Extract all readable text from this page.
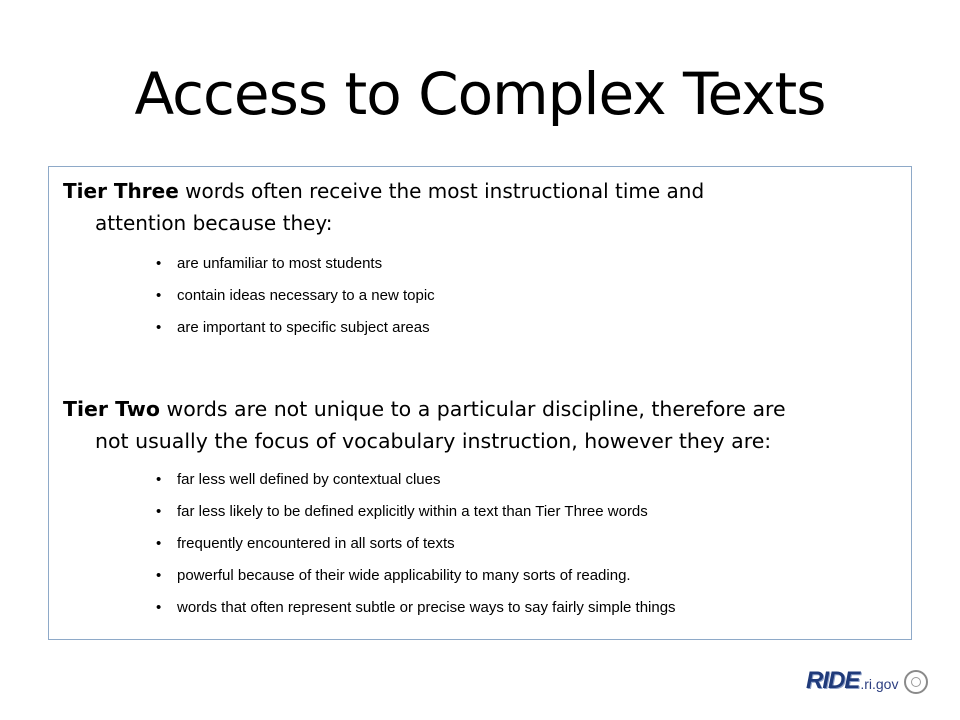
Access to Complex Texts
Tier Three words often receive the most instructional time and
attention because they:
• are unfamiliar to most students
• contain ideas necessary to a new topic
• are important to specific subject areas
Tier Two words are not unique to a particular discipline, therefore are
not usually the focus of vocabulary instruction, however they are:
• far less well defined by contextual clues
• far less likely to be defined explicitly within a text than Tier Three words
• frequently encountered in all sorts of texts
• powerful because of their wide applicability to many sorts of reading.
• words that often represent subtle or precise ways to say fairly simple things
RIDE .ri.gov
